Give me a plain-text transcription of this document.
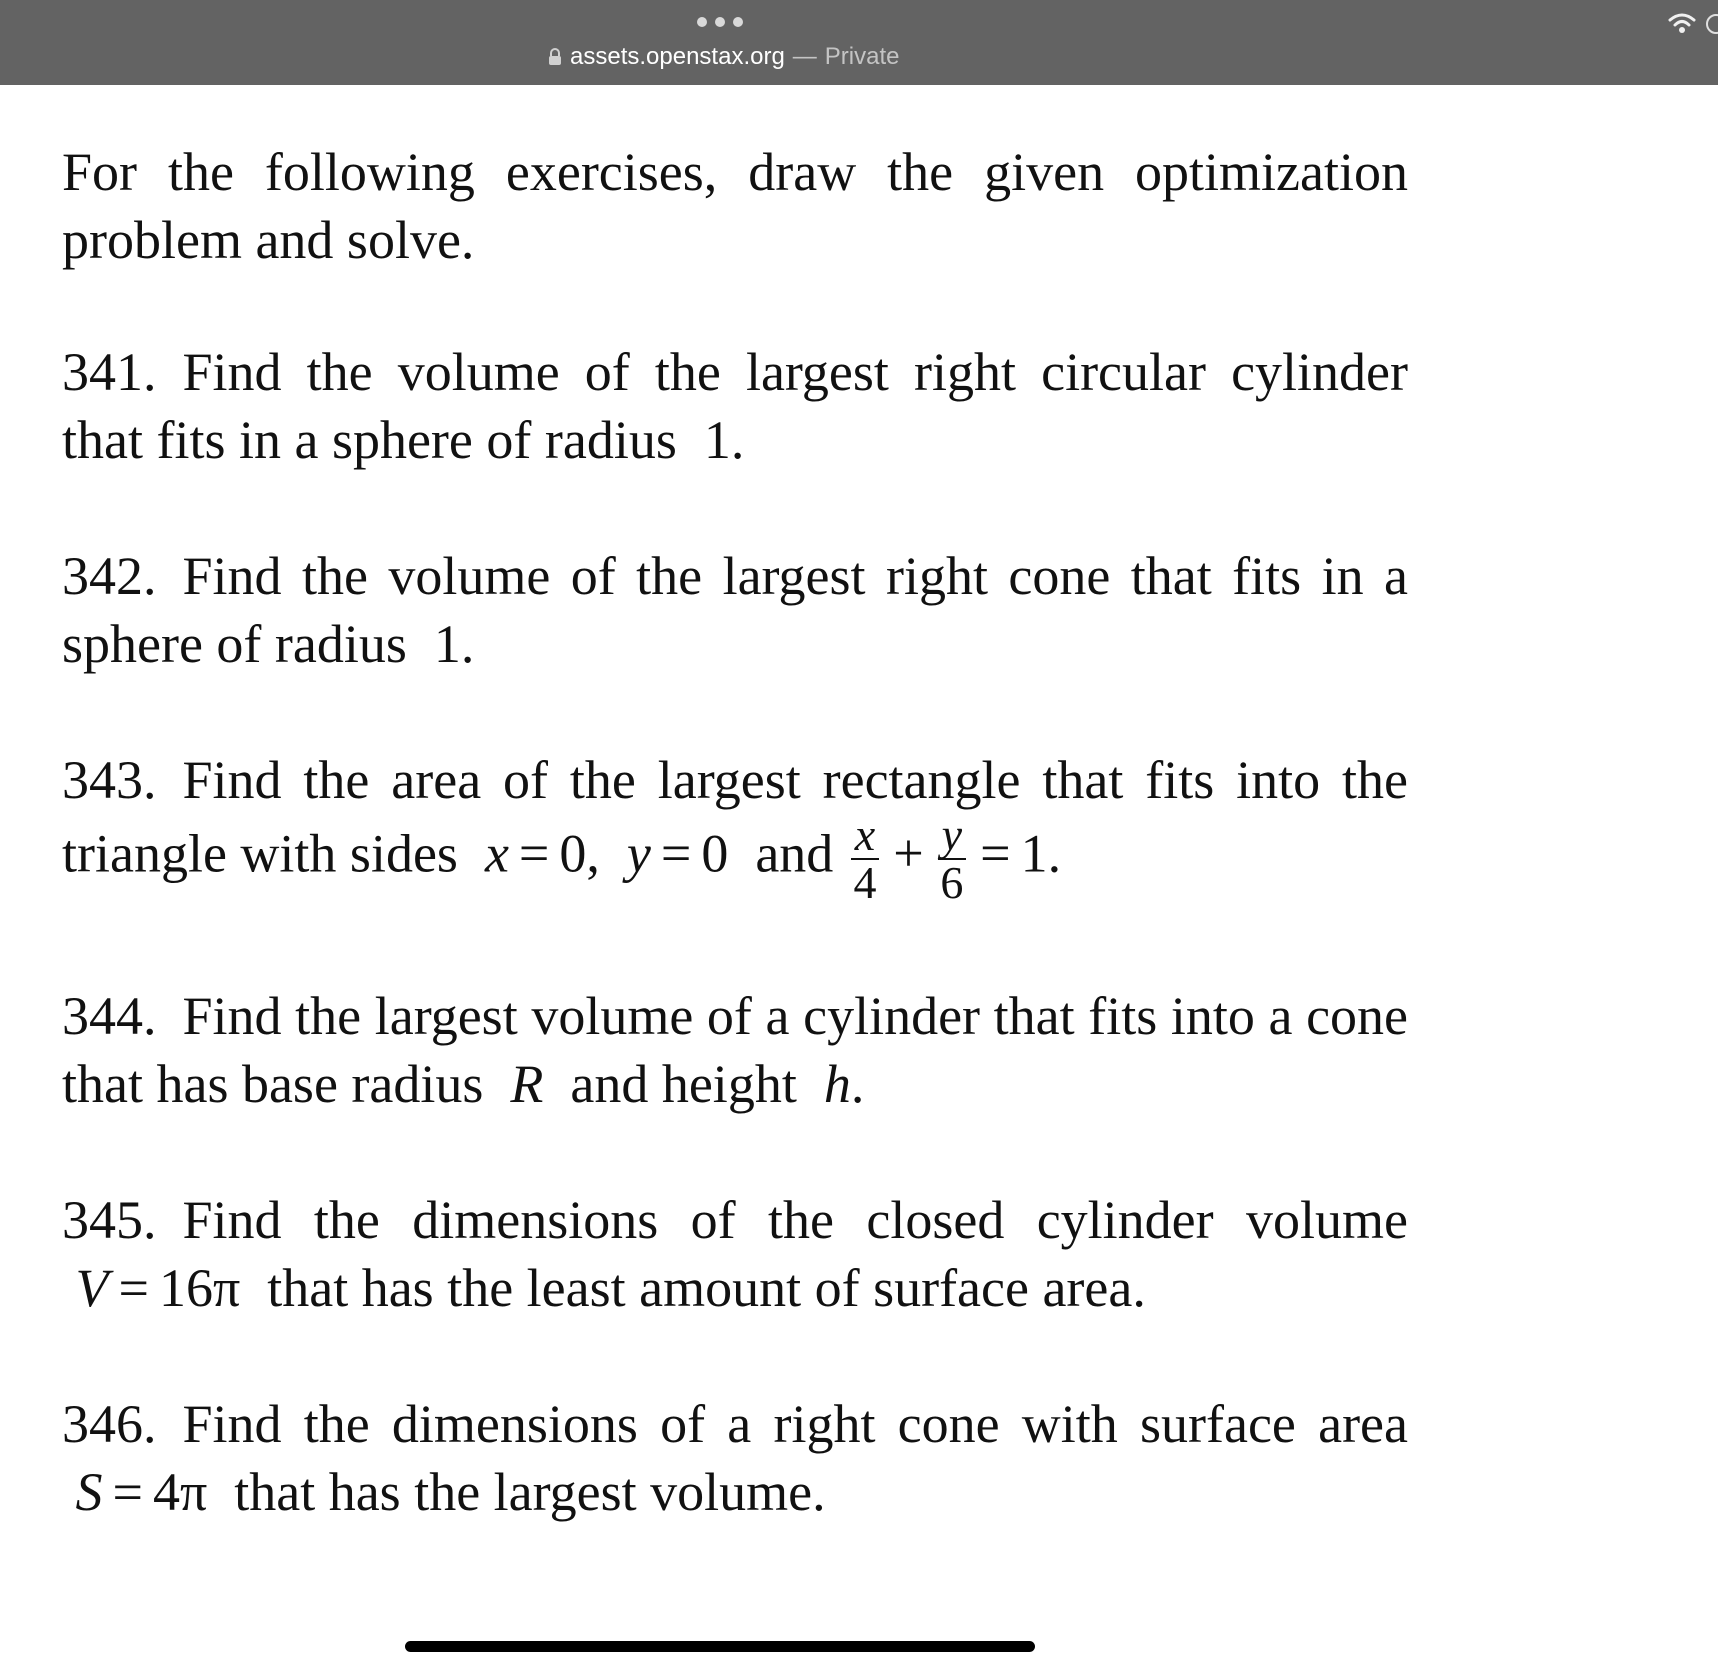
assets.openstax.org — Private

For the following exercises, draw the given optimization problem and solve.

341. Find the volume of the largest right circular cylinder that fits in a sphere of radius 1.

342. Find the volume of the largest right cone that fits in a sphere of radius 1.

343. Find the area of the largest rectangle that fits into the triangle with sides x = 0, y = 0 and $\frac{x}{4} + \frac{y}{6} = 1$.

344. Find the largest volume of a cylinder that fits into a cone that has base radius R and height h.

345. Find the dimensions of the closed cylinder volume  V = 16π that has the least amount of surface area.

346. Find the dimensions of a right cone with surface area  S = 4π that has the largest volume.
